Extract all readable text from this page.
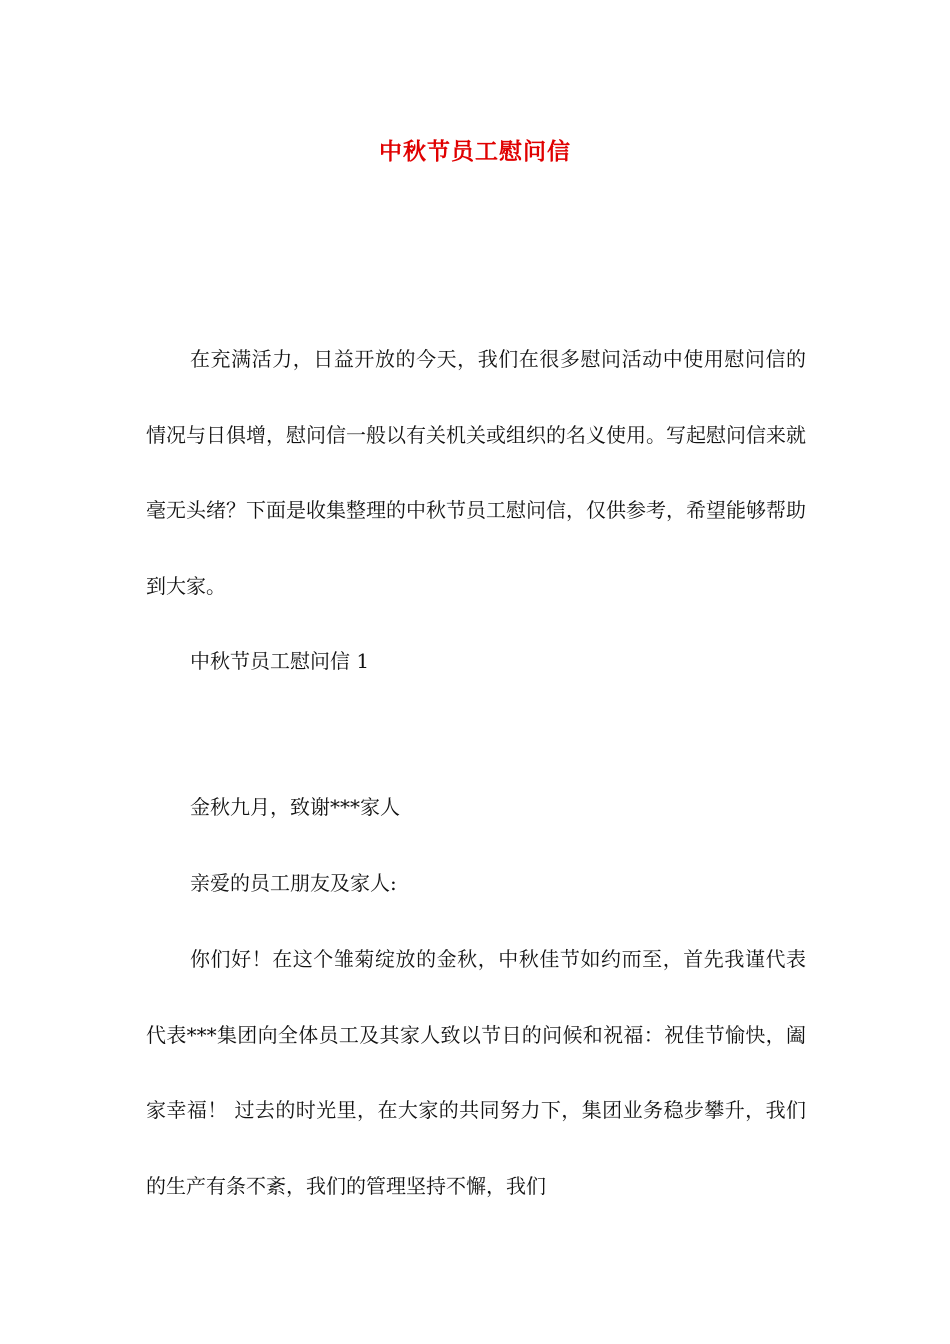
中秋节员工慰问信

在充满活力，日益开放的今天，我们在很多慰问活动中使用慰问信的情况与日俱增，慰问信一般以有关机关或组织的名义使用。写起慰问信来就毫无头绪？下面是收集整理的中秋节员工慰问信，仅供参考，希望能够帮助到大家。

中秋节员工慰问信 1

金秋九月，致谢***家人

亲爱的员工朋友及家人:

你们好！在这个雏菊绽放的金秋，中秋佳节如约而至，首先我谨代表代表***集团向全体员工及其家人致以节日的问候和祝福：祝佳节愉快，阖家幸福！ 过去的时光里，在大家的共同努力下，集团业务稳步攀升，我们的生产有条不紊，我们的管理坚持不懈，我们
